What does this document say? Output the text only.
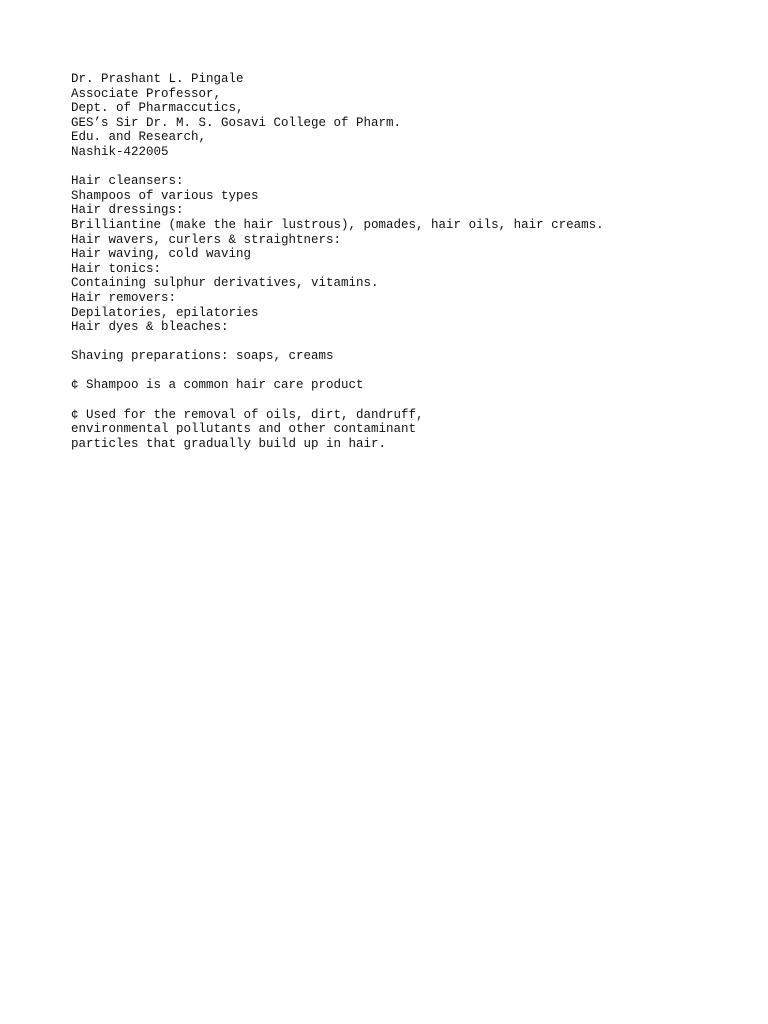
Dr. Prashant L. Pingale
Associate Professor,
Dept. of Pharmaccutics,
GES’s Sir Dr. M. S. Gosavi College of Pharm.
Edu. and Research,
Nashik-422005
Hair cleansers:
Shampoos of various types
Hair dressings:
Brilliantine (make the hair lustrous), pomades, hair oils, hair creams.
Hair wavers, curlers & straightners:
Hair waving, cold waving
Hair tonics:
Containing sulphur derivatives, vitamins.
Hair removers:
Depilatories, epilatories
Hair dyes & bleaches:
Shaving preparations: soaps, creams
¢ Shampoo is a common hair care product
¢ Used for the removal of oils, dirt, dandruff,
environmental pollutants and other contaminant
particles that gradually build up in hair.
